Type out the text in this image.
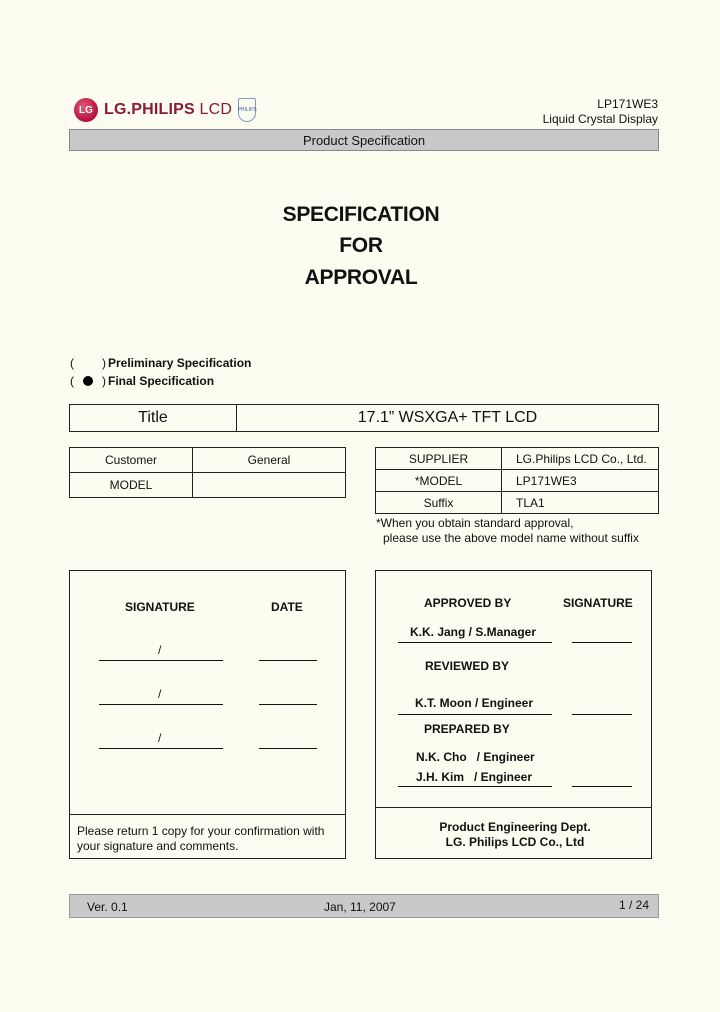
LG LG.PHILIPS LCD PHILIPS	LP171WE3
Liquid Crystal Display
Product Specification
SPECIFICATION
FOR
APPROVAL
( ) Preliminary Specification
( ) Final Specification
Title	17.1” WSXGA+ TFT LCD
Customer	General
MODEL	
SUPPLIER	LG.Philips LCD Co., Ltd.
*MODEL	LP171WE3
Suffix	TLA1
*When you obtain standard approval,
please use the above model name without suffix
SIGNATURE	DATE
/
/
/
Please return 1 copy for your confirmation with
your signature and comments.
APPROVED BY	SIGNATURE
K.K. Jang / S.Manager
REVIEWED BY
K.T. Moon / Engineer
PREPARED BY
N.K. Cho   / Engineer
J.H. Kim   / Engineer
Product Engineering Dept.
LG. Philips LCD Co., Ltd
Ver. 0.1	Jan, 11, 2007	1 / 24
